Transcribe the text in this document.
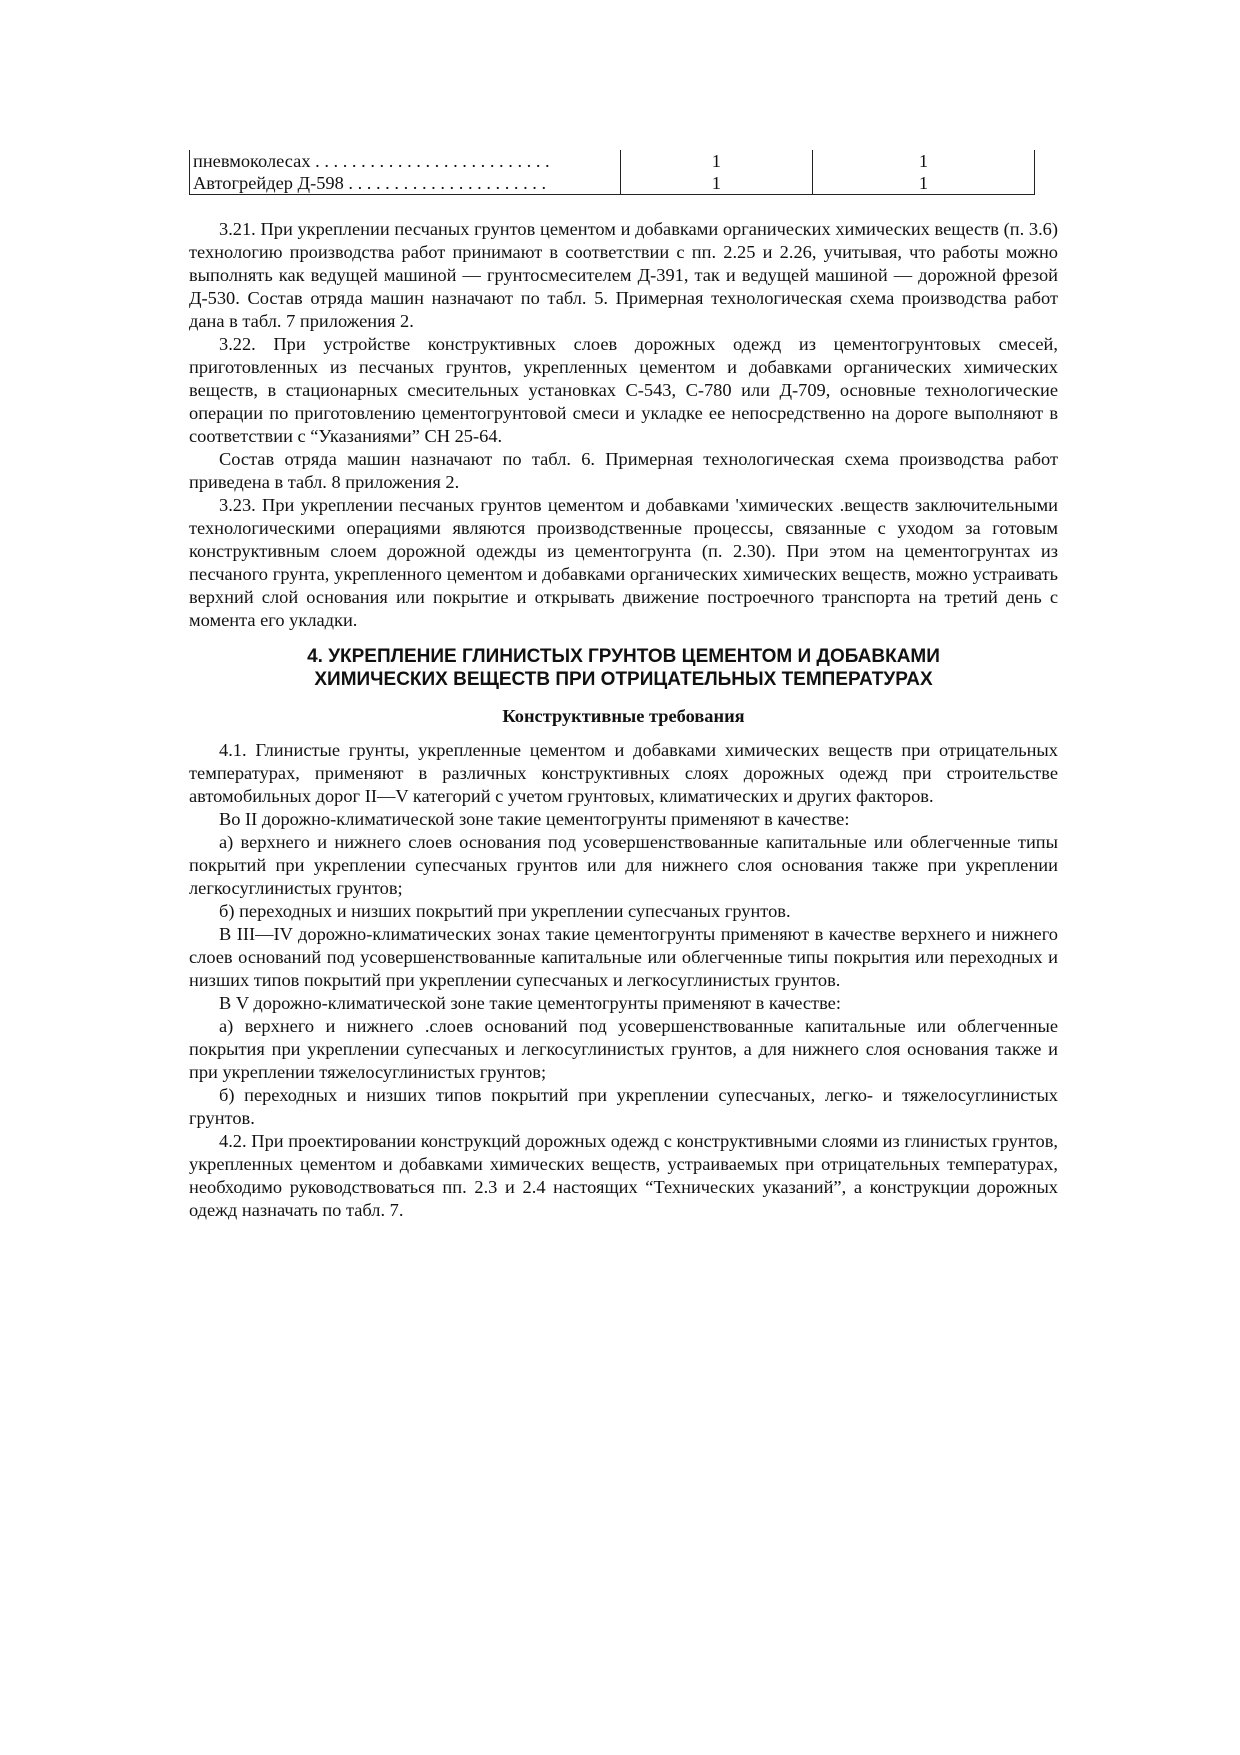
пневмоколесах . . . . . . . . . . . . . . . . . . . . . . . . . .	1	1
Автогрейдер Д-598 . . . . . . . . . . . . . . . . . . . . . .	1	1

3.21. При укреплении песчаных грунтов цементом и добавками органических химических веществ (п. 3.6) технологию производства работ принимают в соответствии с пп. 2.25 и 2.26, учитывая, что работы можно выполнять как ведущей машиной — грунтосмесителем Д-391, так и ведущей машиной — дорожной фрезой Д-530. Состав отряда машин назначают по табл. 5. Примерная технологическая схема производства работ дана в табл. 7 приложения 2.

3.22. При устройстве конструктивных слоев дорожных одежд из цементогрунтовых смесей, приготовленных из песчаных грунтов, укрепленных цементом и добавками органических химических веществ, в стационарных смесительных установках С-543, С-780 или Д-709, основные технологические операции по приготовлению цементогрунтовой смеси и укладке ее непосредственно на дороге выполняют в соответствии с “Указаниями” СН 25-64.

Состав отряда машин назначают по табл. 6. Примерная технологическая схема производства работ приведена в табл. 8 приложения 2.

3.23. При укреплении песчаных грунтов цементом и добавками 'химических .веществ заключительными технологическими операциями являются производственные процессы, связанные с уходом за готовым конструктивным слоем дорожной одежды из цементогрунта (п. 2.30). При этом на цементогрунтах из песчаного грунта, укрепленного цементом и добавками органических химических веществ, можно устраивать верхний слой основания или покрытие и открывать движение построечного транспорта на третий день с момента его укладки.

4. УКРЕПЛЕНИЕ ГЛИНИСТЫХ ГРУНТОВ ЦЕМЕНТОМ И ДОБАВКАМИ
ХИМИЧЕСКИХ ВЕЩЕСТВ ПРИ ОТРИЦАТЕЛЬНЫХ ТЕМПЕРАТУРАХ
Конструктивные требования

4.1. Глинистые грунты, укрепленные цементом и добавками химических веществ при отрицательных температурах, применяют в различных конструктивных слоях дорожных одежд при строительстве автомобильных дорог II—V категорий с учетом грунтовых, климатических и других факторов.

Во II дорожно-климатической зоне такие цементогрунты применяют в качестве:

а) верхнего и нижнего слоев основания под усовершенствованные капитальные или облегченные типы покрытий при укреплении супесчаных грунтов или для нижнего слоя основания также при укреплении легкосуглинистых грунтов;

б) переходных и низших покрытий при укреплении супесчаных грунтов.

В III—IV дорожно-климатических зонах такие цементогрунты применяют в качестве верхнего и нижнего слоев оснований под усовершенствованные капитальные или облегченные типы покрытия или переходных и низших типов покрытий при укреплении супесчаных и легкосуглинистых грунтов.

В V дорожно-климатической зоне такие цементогрунты применяют в качестве:

а) верхнего и нижнего .слоев оснований под усовершенствованные капитальные или облегченные покрытия при укреплении супесчаных и легкосуглинистых грунтов, а для нижнего слоя основания также и при укреплении тяжелосуглинистых грунтов;

б) переходных и низших типов покрытий при укреплении супесчаных, легко- и тяжелосуглинистых грунтов.

4.2. При проектировании конструкций дорожных одежд с конструктивными слоями из глинистых грунтов, укрепленных цементом и добавками химических веществ, устраиваемых при отрицательных температурах, необходимо руководствоваться пп. 2.3 и 2.4 настоящих “Технических указаний”, а конструкции дорожных одежд назначать по табл. 7.
